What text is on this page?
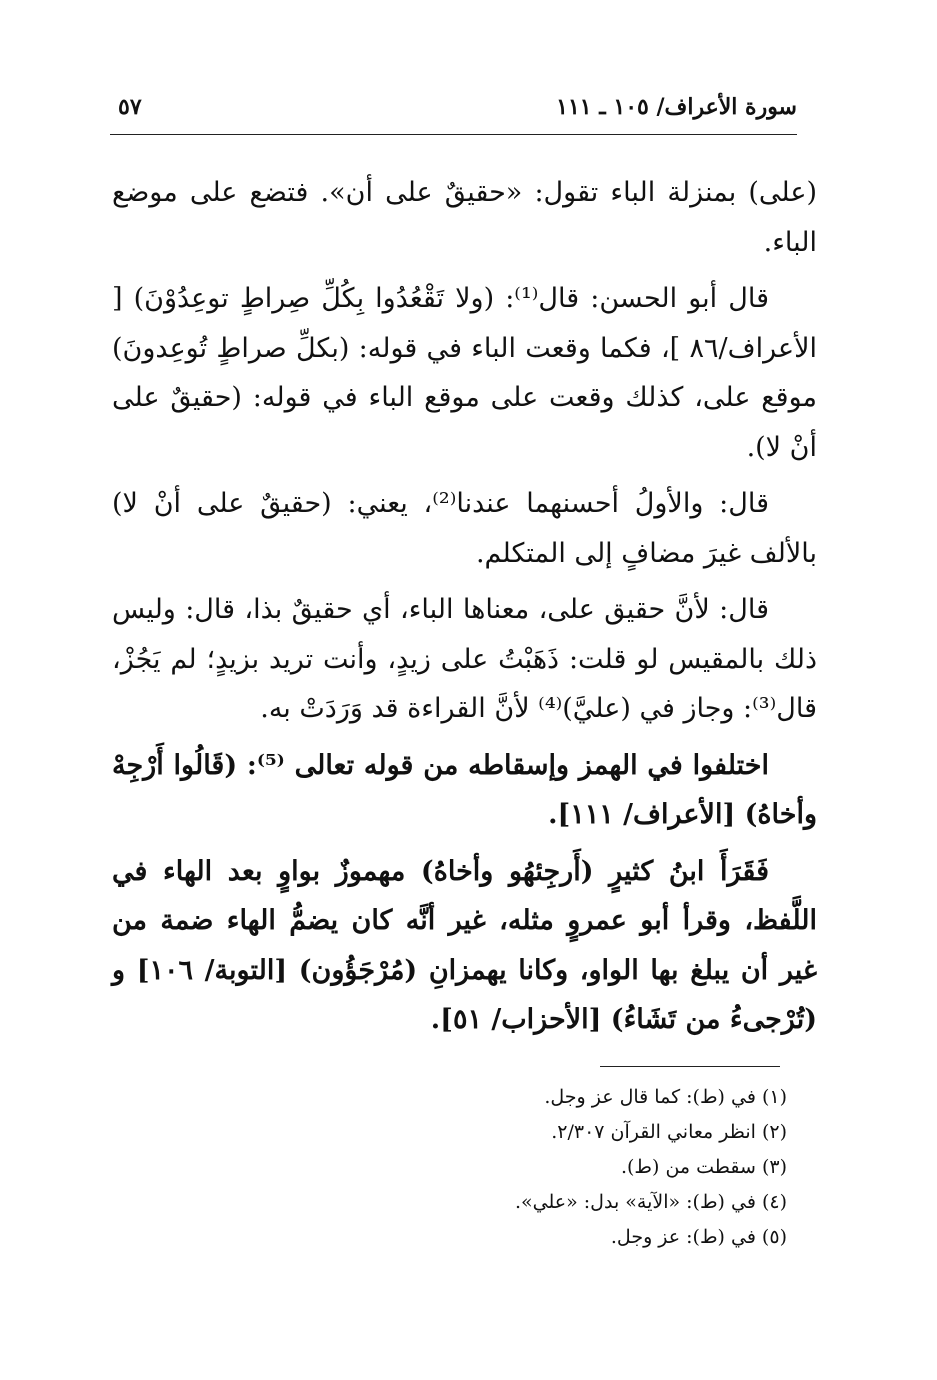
سورة الأعراف/ ١٠٥ ـ ١١١
٥٧

(على) بمنزلة الباء تقول: «حقيقٌ على أن». فتضع على موضع الباء.

قال أبو الحسن: قال⁽¹⁾: (ولا تَقْعُدُوا بِكُلِّ صِراطٍ توعِدُوْنَ) [ الأعراف/٨٦ ]، فكما وقعت الباء في قوله: (بكلِّ صراطٍ تُوعِدونَ) موقع على، كذلك وقعت على موقع الباء في قوله: (حقيقٌ على أنْ لا).

قال: والأولُ أحسنهما عندنا⁽²⁾، يعني: (حقيقٌ على أنْ لا) بالألف غيرَ مضافٍ إلى المتكلم.

قال: لأنَّ حقيق على، معناها الباء، أي حقيقٌ بذا، قال: وليس ذلك بالمقيس لو قلت: ذَهَبْتُ على زيدٍ، وأنت تريد بزيدٍ؛ لم يَجُزْ، قال⁽³⁾: وجاز في (عليَّ)⁽⁴⁾ لأنَّ القراءة قد وَرَدَتْ به.

اختلفوا في الهمز وإسقاطه من قوله تعالى ⁽⁵⁾: (قَالُوا أَرْجِهْ وأخاهُ) [الأعراف/ ١١١].

فَقَرَأَ ابنُ كثيرٍ (أَرجِئهُو وأخاهُ) مهموزٌ بواوٍ بعد الهاء في اللَّفظ، وقرأ أبو عمروٍ مثله، غير أنَّه كان يضمُّ الهاء ضمة من غير أن يبلغ بها الواو، وكانا يهمزانِ (مُرْجَؤُون) [التوبة/ ١٠٦] و (تُرْجىءُ من تَشَاءُ) [الأحزاب/ ٥١].

(١) في (ط): كما قال عز وجل.

(٢) انظر معاني القرآن ٢/٣٠٧.

(٣) سقطت من (ط).

(٤) في (ط): «الآية» بدل: «علي».

(٥) في (ط): عز وجل.
